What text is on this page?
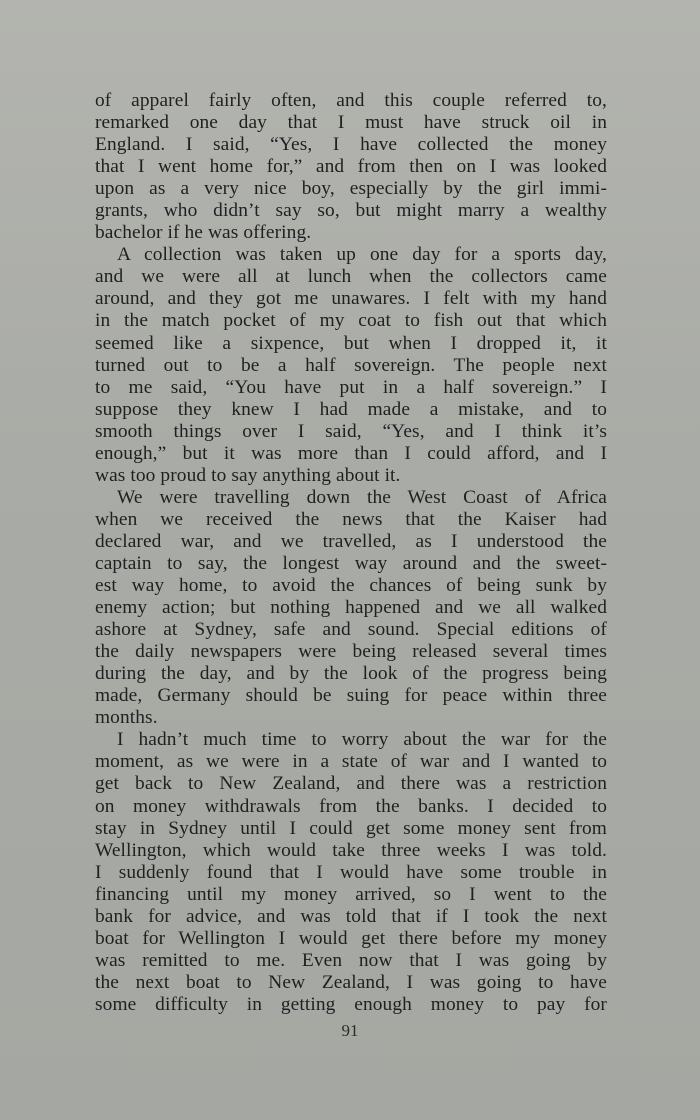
of apparel fairly often, and this couple referred to,
remarked one day that I must have struck oil in
England. I said, “Yes, I have collected the money
that I went home for,” and from then on I was looked
upon as a very nice boy, especially by the girl immi-
grants, who didn’t say so, but might marry a wealthy
bachelor if he was offering.
A collection was taken up one day for a sports day,
and we were all at lunch when the collectors came
around, and they got me unawares. I felt with my hand
in the match pocket of my coat to fish out that which
seemed like a sixpence, but when I dropped it, it
turned out to be a half sovereign. The people next
to me said, “You have put in a half sovereign.” I
suppose they knew I had made a mistake, and to
smooth things over I said, “Yes, and I think it’s
enough,” but it was more than I could afford, and I
was too proud to say anything about it.
We were travelling down the West Coast of Africa
when we received the news that the Kaiser had
declared war, and we travelled, as I understood the
captain to say, the longest way around and the sweet-
est way home, to avoid the chances of being sunk by
enemy action; but nothing happened and we all walked
ashore at Sydney, safe and sound. Special editions of
the daily newspapers were being released several times
during the day, and by the look of the progress being
made, Germany should be suing for peace within three
months.
I hadn’t much time to worry about the war for the
moment, as we were in a state of war and I wanted to
get back to New Zealand, and there was a restriction
on money withdrawals from the banks. I decided to
stay in Sydney until I could get some money sent from
Wellington, which would take three weeks I was told.
I suddenly found that I would have some trouble in
financing until my money arrived, so I went to the
bank for advice, and was told that if I took the next
boat for Wellington I would get there before my money
was remitted to me. Even now that I was going by
the next boat to New Zealand, I was going to have
some difficulty in getting enough money to pay for
91
